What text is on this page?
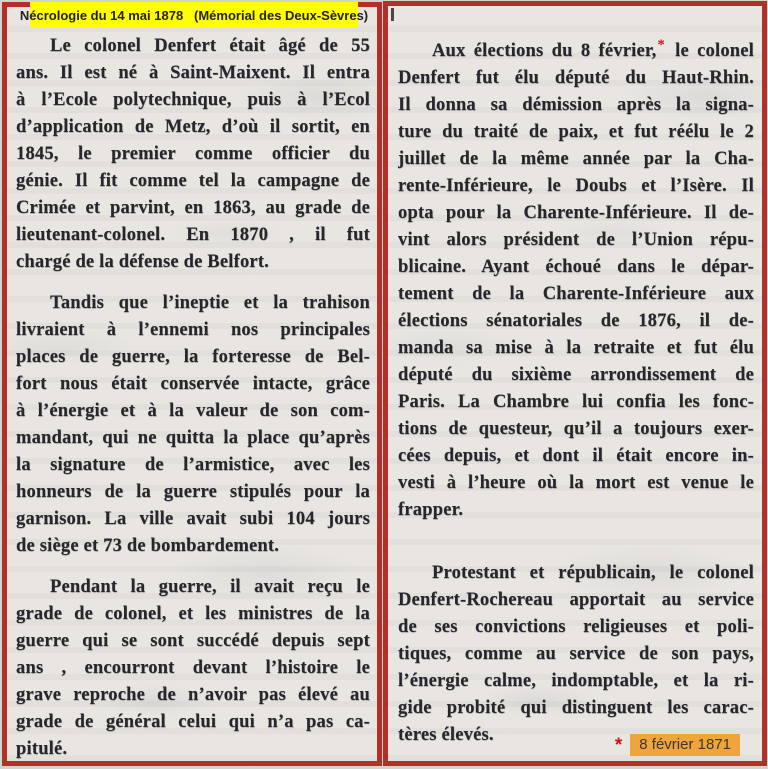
Nécrologie du 14 mai 1878   (Mémorial des Deux-Sèvres)
Le colonel Denfert était âgé de 55
ans. Il est né à Saint-Maixent. Il entra
à l’Ecole polytechnique, puis à l’Ecol
d’application de Metz, d’où il sortit, en
1845, le premier comme officier du
génie. Il fit comme tel la campagne de
Crimée et parvint, en 1863, au grade de
lieutenant-colonel. En 1870 , il fut
chargé de la défense de Belfort.
Tandis que l’ineptie et la trahison
livraient à l’ennemi nos principales
places de guerre, la forteresse de Bel-
fort nous était conservée intacte, grâce
à l’énergie et à la valeur de son com-
mandant, qui ne quitta la place qu’après
la signature de l’armistice, avec les
honneurs de la guerre stipulés pour la
garnison. La ville avait subi 104 jours
de siège et 73 de bombardement.
Pendant la guerre, il avait reçu le
grade de colonel, et les ministres de la
guerre qui se sont succédé depuis sept
ans , encourront devant l’histoire le
grave reproche de n’avoir pas élevé au
grade de général celui qui n’a pas ca-
pitulé.
Aux élections du 8 février,* le colonel
Denfert fut élu député du Haut-Rhin.
Il donna sa démission après la signa-
ture du traité de paix, et fut réélu le 2
juillet de la même année par la Cha-
rente-Inférieure, le Doubs et l’Isère. Il
opta pour la Charente-Inférieure. Il de-
vint alors président de l’Union répu-
blicaine. Ayant échoué dans le dépar-
tement de la Charente-Inférieure aux
élections sénatoriales de 1876, il de-
manda sa mise à la retraite et fut élu
député du sixième arrondissement de
Paris. La Chambre lui confia les fonc-
tions de questeur, qu’il a toujours exer-
cées depuis, et dont il était encore in-
vesti à l’heure où la mort est venue le
frapper.
Protestant et républicain, le colonel
Denfert-Rochereau apportait au service
de ses convictions religieuses et poli-
tiques, comme au service de son pays,
l’énergie calme, indomptable, et la ri-
gide probité qui distinguent les carac-
tères élevés.	*	8 février 1871
